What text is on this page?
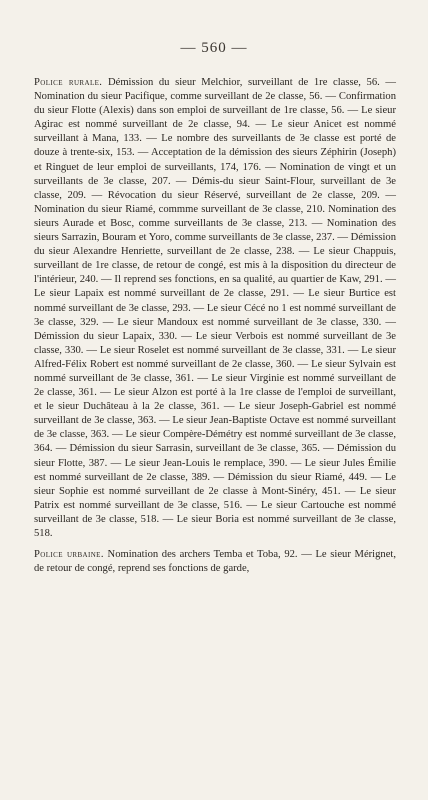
— 560 —

Police rurale. Démission du sieur Melchior, surveillant de 1re classe, 56. — Nomination du sieur Pacifique, comme surveillant de 2e classe, 56. — Confirmation du sieur Flotte (Alexis) dans son emploi de surveillant de 1re classe, 56. — Le sieur Agirac est nommé surveillant de 2e classe, 94. — Le sieur Anicet est nommé surveillant à Mana, 133. — Le nombre des surveillants de 3e classe est porté de douze à trente-six, 153. — Acceptation de la démission des sieurs Zéphirin (Joseph) et Ringuet de leur emploi de surveillants, 174, 176. — Nomination de vingt et un surveillants de 3e classe, 207. — Démis-du sieur Saint-Flour, surveillant de 3e classe, 209. — Révocation du sieur Réservé, surveillant de 2e classe, 209. — Nomination du sieur Riamé, commme surveillant de 3e classe, 210. Nomination des sieurs Aurade et Bosc, comme surveillants de 3e classe, 213. — Nomination des sieurs Sarrazin, Bouram et Yoro, comme surveillants de 3e classe, 237. — Démission du sieur Alexandre Henriette, surveillant de 2e classe, 238. — Le sieur Chappuis, surveillant de 1re classe, de retour de congé, est mis à la disposition du directeur de l'intérieur, 240. — Il reprend ses fonctions, en sa qualité, au quartier de Kaw, 291. — Le sieur Lapaix est nommé surveillant de 2e classe, 291. — Le sieur Burtice est nommé surveillant de 3e classe, 293. — Le sieur Cécé no 1 est nommé surveillant de 3e classe, 329. — Le sieur Mandoux est nommé surveillant de 3e classe, 330. — Démission du sieur Lapaix, 330. — Le sieur Verbois est nommé surveillant de 3e classe, 330. — Le sieur Roselet est nommé surveillant de 3e classe, 331. — Le sieur Alfred-Félix Robert est nommé surveillant de 2e classe, 360. — Le sieur Sylvain est nommé surveillant de 3e classe, 361. — Le sieur Virginie est nommé surveillant de 2e classe, 361. — Le sieur Alzon est porté à la 1re classe de l'emploi de surveillant, et le sieur Duchâteau à la 2e classe, 361. — Le sieur Joseph-Gabriel est nommé surveillant de 3e classe, 363. — Le sieur Jean-Baptiste Octave est nommé surveillant de 3e classe, 363. — Le sieur Compère-Démétry est nommé surveillant de 3e classe, 364. — Démission du sieur Sarrasin, surveillant de 3e classe, 365. — Démission du sieur Flotte, 387. — Le sieur Jean-Louis le remplace, 390. — Le sieur Jules Émilie est nommé surveillant de 2e classe, 389. — Démission du sieur Riamé, 449. — Le sieur Sophie est nommé surveillant de 2e classe à Mont-Sinéry, 451. — Le sieur Patrix est nommé surveillant de 3e classe, 516. — Le sieur Cartouche est nommé surveillant de 3e classe, 518. — Le sieur Boria est nommé surveillant de 3e classe, 518.

Police urbaine. Nomination des archers Temba et Toba, 92. — Le sieur Mérignet, de retour de congé, reprend ses fonctions de garde,
